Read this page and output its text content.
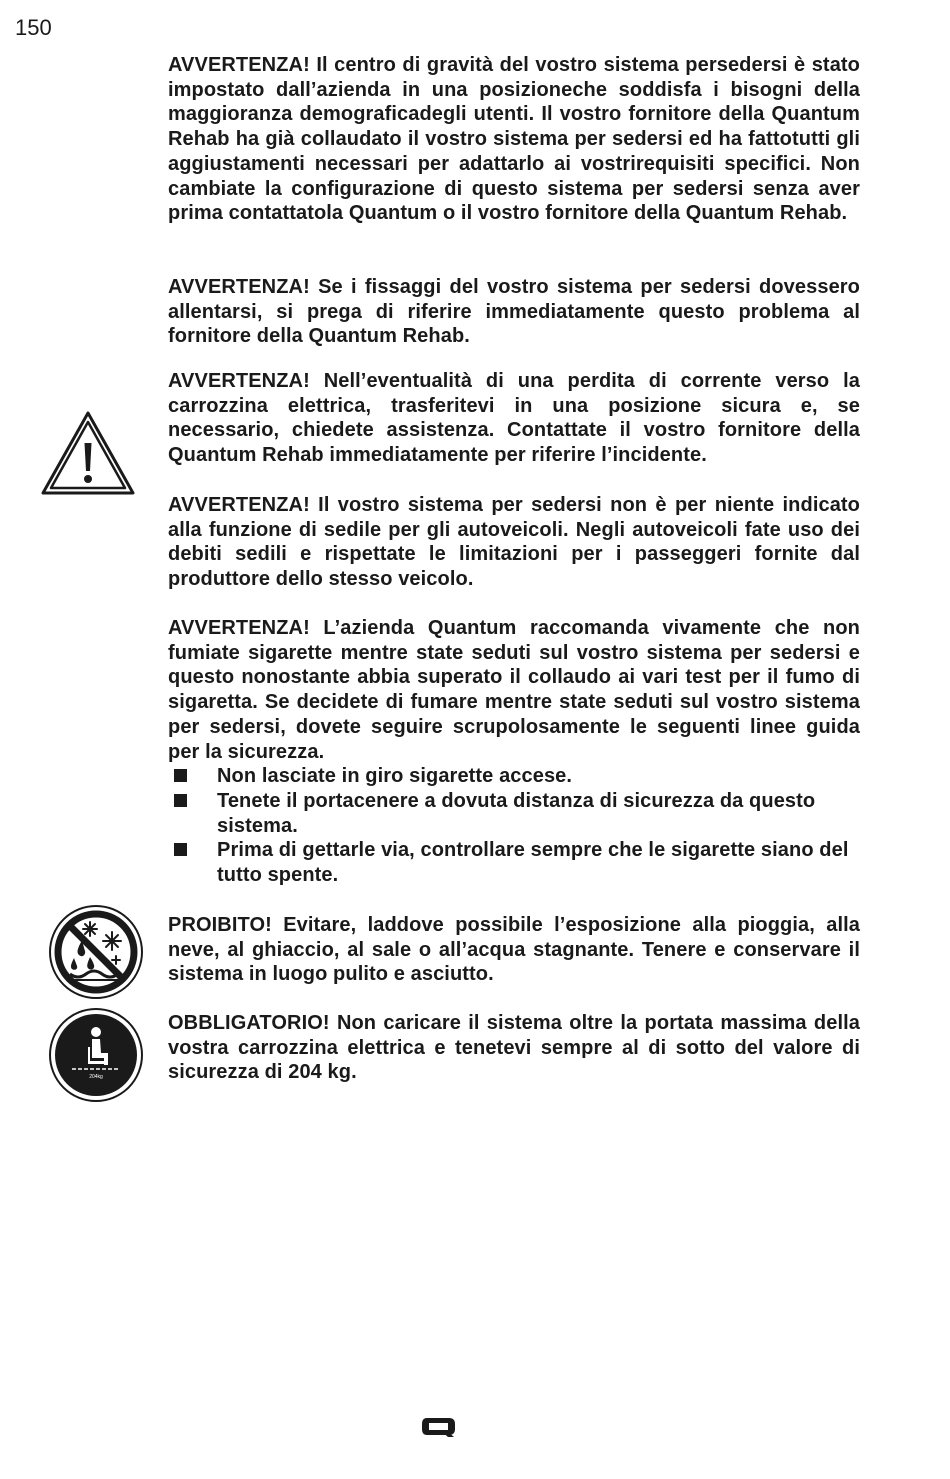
150

AVVERTENZA! Il centro di gravità del vostro sistema persedersi è stato impostato dall’azienda in una posizioneche soddisfa i bisogni della maggioranza demograficadegli utenti. Il vostro fornitore della Quantum Rehab ha già collaudato il vostro sistema per sedersi ed ha fattotutti gli aggiustamenti necessari per adattarlo ai vostrirequisiti specifici. Non cambiate la configurazione di questo sistema per sedersi senza aver prima contattatola Quantum o il vostro fornitore della Quantum Rehab.

AVVERTENZA! Se i fissaggi del vostro sistema per sedersi dovessero allentarsi, si prega di riferire immediatamente questo problema al fornitore della Quantum Rehab.

AVVERTENZA! Nell’eventualità di una perdita di corrente verso la carrozzina elettrica, trasferitevi in una posizione sicura e, se necessario, chiedete assistenza. Contattate il vostro fornitore della Quantum Rehab immediatamente per riferire l’incidente.

AVVERTENZA! Il vostro sistema per sedersi non è per niente indicato alla funzione di sedile per gli autoveicoli. Negli autoveicoli fate uso dei debiti sedili e rispettate le limitazioni per i passeggeri fornite dal produttore dello stesso veicolo.

AVVERTENZA! L’azienda Quantum raccomanda vivamente che non fumiate sigarette mentre state seduti sul vostro sistema per sedersi e questo nonostante abbia superato il collaudo ai vari test per il fumo di sigaretta. Se decidete di fumare mentre state seduti sul vostro sistema per sedersi, dovete seguire scrupolosamente le seguenti linee guida per la sicurezza.

Non lasciate in giro sigarette accese.
Tenete il portacenere a dovuta distanza di sicurezza da questo sistema.
Prima di gettarle via, controllare sempre che le sigarette siano del tutto spente.

PROIBITO! Evitare, laddove possibile l’esposizione alla pioggia, alla neve, al ghiaccio, al sale o all’acqua stagnante. Tenere e conservare il sistema in luogo pulito e asciutto.

204kg

OBBLIGATORIO! Non caricare il sistema oltre la portata massima della vostra carrozzina elettrica e tenetevi sempre al di sotto del valore di sicurezza di 204 kg.
